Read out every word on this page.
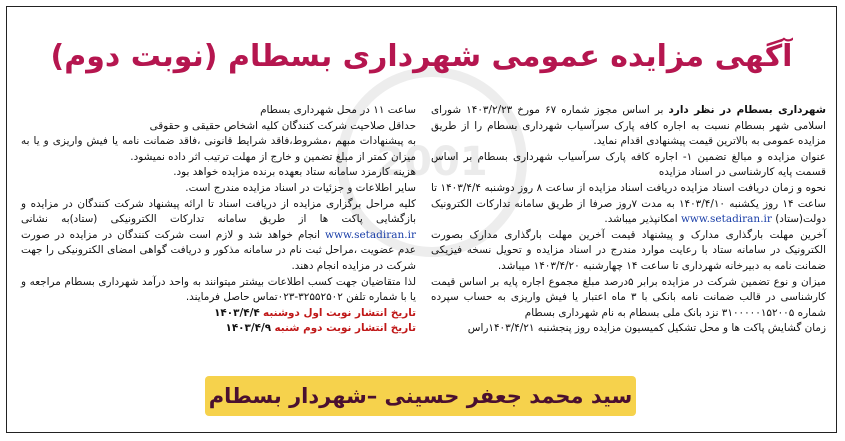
2001
آگهی مزایده عمومی شهرداری بسطام (نوبت دوم)

شهرداری بسطام در نظر دارد بر اساس مجوز شماره ۶۷ مورخ ۱۴۰۳/۲/۲۳ شورای اسلامی شهر بسطام نسبت به اجاره کافه پارک سرآسیاب شهرداری بسطام را از طریق مزایده عمومی به بالاترین قیمت پیشنهادی اقدام نماید.

عنوان مزایده و مبالغ تضمین ۱- اجاره کافه پارک سرآسیاب شهرداری بسطام بر اساس قسمت پایه کارشناسی در اسناد مزایده

نحوه و زمان دریافت اسناد مزایده دریافت اسناد مزایده از ساعت ۸ روز دوشنبه ۱۴۰۳/۴/۴ تا ساعت ۱۴ روز یکشنبه ۱۴۰۳/۴/۱۰ به مدت ۷روز صرفا از طریق سامانه تدارکات الکترونیک دولت(ستاد) www.setadiran.ir امکانپذیر میباشد.

آخرین مهلت بارگذاری مدارک و پیشنهاد قیمت آخرین مهلت بارگذاری مدارک بصورت الکترونیک در سامانه ستاد با رعایت موارد مندرج در اسناد مزایده و تحویل نسخه فیزیکی ضمانت نامه به دبیرخانه شهرداری تا ساعت ۱۴ چهارشنبه ۱۴۰۳/۴/۲۰ میباشد.

میزان و نوع تضمین شرکت در مزایده برابر ۵درصد مبلغ مجموع اجاره پایه بر اساس قیمت کارشناسی در قالب ضمانت نامه بانکی با ۳ ماه اعتبار یا فیش واریزی به حساب سپرده شماره ۳۱۰۰۰۰۰۱۵۲۰۰۵ نزد بانک ملی بسطام به نام شهرداری بسطام

زمان گشایش پاکت ها و محل تشکیل کمیسیون مزایده روز پنجشنبه ۱۴۰۳/۴/۲۱راس

ساعت ۱۱ در محل شهرداری بسطام

حداقل صلاحیت شرکت کنندگان کلیه اشخاص حقیقی و حقوقی

به پیشنهادات مبهم ،مشروط،فاقد شرایط قانونی ،فاقد ضمانت نامه یا فیش واریزی و یا به میزان کمتر از مبلغ تضمین و خارج از مهلت ترتیب اثر داده نمیشود.

هزینه کارمزد سامانه ستاد بعهده برنده مزایده خواهد بود.

سایر اطلاعات و جزئیات در اسناد مزایده مندرج است.

کلیه مراحل برگزاری مزایده از دریافت اسناد تا ارائه پیشنهاد شرکت کنندگان در مزایده و بازگشایی پاکت ها از طریق سامانه تدارکات الکترونیکی (ستاد)به نشانی www.setadiran.ir انجام خواهد شد و لازم است شرکت کنندگان در مزایده در صورت عدم عضویت ،مراحل ثبت نام در سامانه مذکور و دریافت گواهی امضای الکترونیکی را جهت شرکت در مزایده انجام دهند.

لذا متقاضیان جهت کسب اطلاعات بیشتر میتوانند به واحد درآمد شهرداری بسطام مراجعه و یا با شماره تلفن ۳۲۵۵۲۵۰۲-۰۲۳تماس حاصل فرمایند.

تاریخ انتشار نوبت اول دوشنبه ۱۴۰۳/۴/۴

تاریخ انتشار نوبت دوم شنبه ۱۴۰۳/۴/۹

سید محمد جعفر حسینی –شهردار بسطام
